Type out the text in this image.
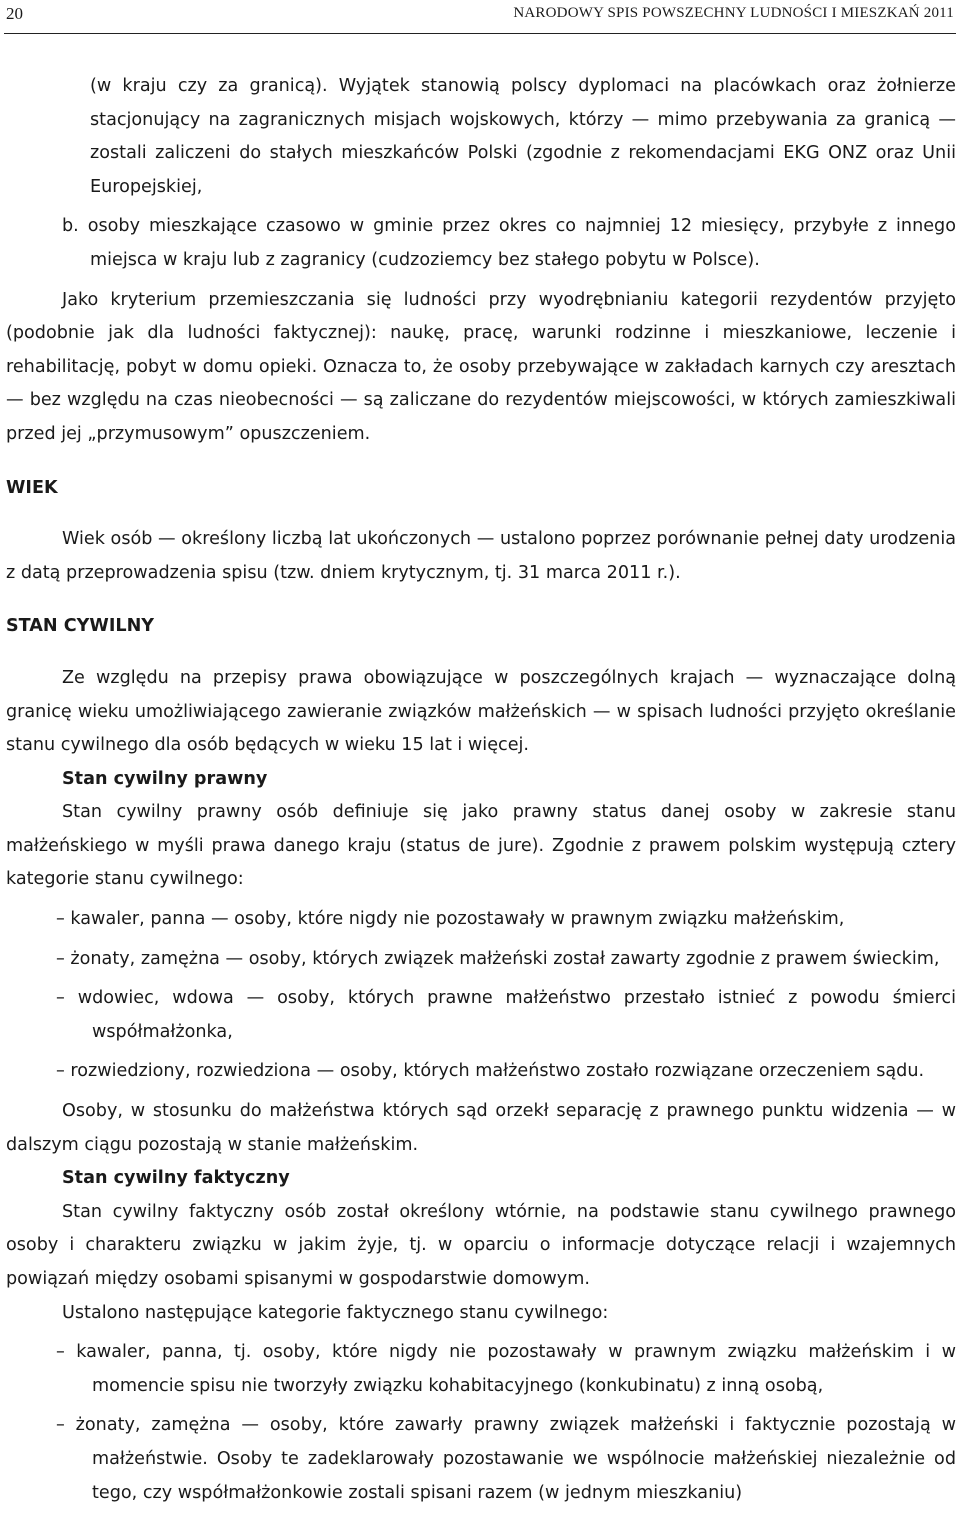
20	NARODOWY SPIS POWSZECHNY LUDNOŚCI I MIESZKAŃ 2011

(w kraju czy za granicą). Wyjątek stanowią polscy dyplomaci na placówkach oraz żołnierze stacjonujący na zagranicznych misjach wojskowych, którzy — mimo przebywania za granicą — zostali zaliczeni do stałych mieszkańców Polski (zgodnie z rekomendacjami EKG ONZ oraz Unii Europejskiej,

b. osoby mieszkające czasowo w gminie przez okres co najmniej 12 miesięcy, przybyłe z innego miejsca w kraju lub z zagranicy (cudzoziemcy bez stałego pobytu w Polsce).

Jako kryterium przemieszczania się ludności przy wyodrębnianiu kategorii rezydentów przyjęto (podobnie jak dla ludności faktycznej): naukę, pracę, warunki rodzinne i mieszkaniowe, leczenie i rehabilitację, pobyt w domu opieki. Oznacza to, że osoby przebywające w zakładach karnych czy aresztach — bez względu na czas nieobecności — są zaliczane do rezydentów miejscowości, w których zamieszkiwali przed jej „przymusowym” opuszczeniem.

WIEK

Wiek osób — określony liczbą lat ukończonych — ustalono poprzez porównanie pełnej daty urodzenia z datą przeprowadzenia spisu (tzw. dniem krytycznym, tj. 31 marca 2011 r.).

STAN CYWILNY

Ze względu na przepisy prawa obowiązujące w poszczególnych krajach — wyznaczające dolną granicę wieku umożliwiającego zawieranie związków małżeńskich — w spisach ludności przyjęto określanie stanu cywilnego dla osób będących w wieku 15 lat i więcej.

Stan cywilny prawny

Stan cywilny prawny osób definiuje się jako prawny status danej osoby w zakresie stanu małżeńskiego w myśli prawa danego kraju (status de jure). Zgodnie z prawem polskim występują cztery kategorie stanu cywilnego:

– kawaler, panna — osoby, które nigdy nie pozostawały w prawnym związku małżeńskim,

– żonaty, zamężna — osoby, których związek małżeński został zawarty zgodnie z prawem świeckim,

– wdowiec, wdowa — osoby, których prawne małżeństwo przestało istnieć z powodu śmierci współmałżonka,

– rozwiedziony, rozwiedziona — osoby, których małżeństwo zostało rozwiązane orzeczeniem sądu.

Osoby, w stosunku do małżeństwa których sąd orzekł separację z prawnego punktu widzenia — w dalszym ciągu pozostają w stanie małżeńskim.

Stan cywilny faktyczny

Stan cywilny faktyczny osób został określony wtórnie, na podstawie stanu cywilnego prawnego osoby i charakteru związku w jakim żyje, tj. w oparciu o informacje dotyczące relacji i wzajemnych powiązań między osobami spisanymi w gospodarstwie domowym.

Ustalono następujące kategorie faktycznego stanu cywilnego:

– kawaler, panna, tj. osoby, które nigdy nie pozostawały w prawnym związku małżeńskim i w momencie spisu nie tworzyły związku kohabitacyjnego (konkubinatu) z inną osobą,

– żonaty, zamężna — osoby, które zawarły prawny związek małżeński i faktycznie pozostają w małżeństwie. Osoby te zadeklarowały pozostawanie we wspólnocie małżeńskiej niezależnie od tego, czy współmałżonkowie zostali spisani razem (w jednym mieszkaniu)
